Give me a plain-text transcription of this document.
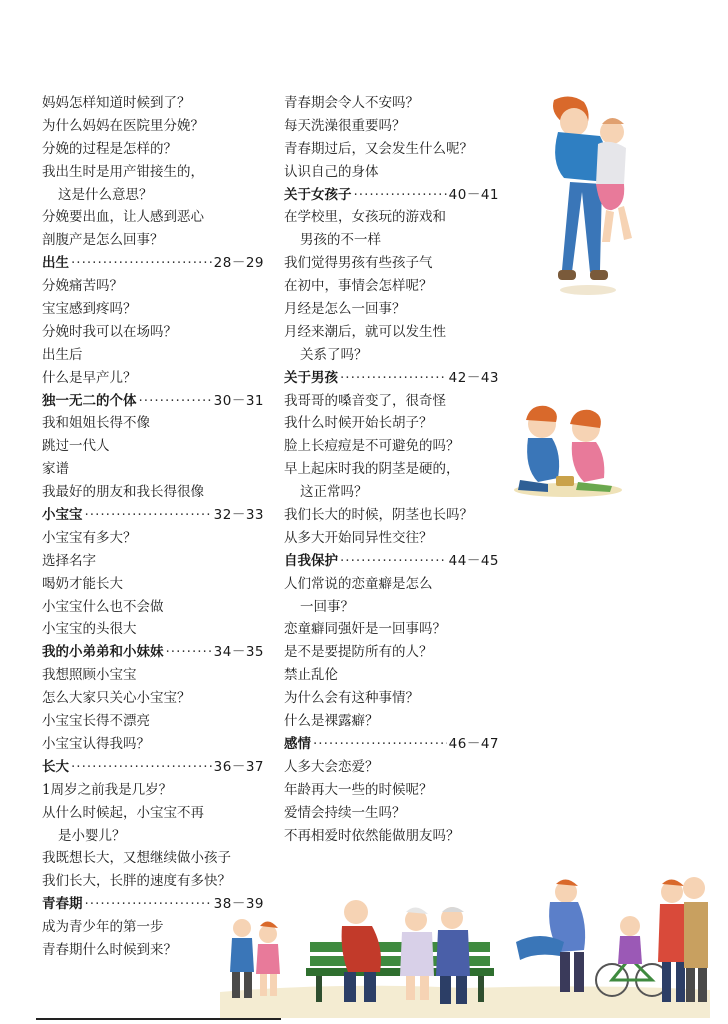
妈妈怎样知道时候到了？
为什么妈妈在医院里分娩？
分娩的过程是怎样的？
我出生时是用产钳接生的，
这是什么意思？
分娩要出血，让人感到恶心
剖腹产是怎么回事？
出生 ·····	28－29
分娩痛苦吗？
宝宝感到疼吗？
分娩时我可以在场吗？
出生后
什么是早产儿？
独一无二的个体 ·····	30－31
我和姐姐长得不像
跳过一代人
家谱
我最好的朋友和我长得很像
小宝宝 ·····	32－33
小宝宝有多大？
选择名字
喝奶才能长大
小宝宝什么也不会做
小宝宝的头很大
我的小弟弟和小妹妹 ·····	34－35
我想照顾小宝宝
怎么大家只关心小宝宝？
小宝宝长得不漂亮
小宝宝认得我吗？
长大 ·····	36－37
1周岁之前我是几岁？
从什么时候起，小宝宝不再
是小婴儿？
我既想长大，又想继续做小孩子
我们长大，长胖的速度有多快？
青春期 ·····	38－39
成为青少年的第一步
青春期什么时候到来？
青春期会令人不安吗？
每天洗澡很重要吗？
青春期过后，又会发生什么呢？
认识自己的身体
关于女孩子 ·····	40－41
在学校里，女孩玩的游戏和
男孩的不一样
我们觉得男孩有些孩子气
在初中，事情会怎样呢？
月经是怎么一回事？
月经来潮后，就可以发生性
关系了吗？
关于男孩 ·····	42－43
我哥哥的嗓音变了，很奇怪
我什么时候开始长胡子？
脸上长痘痘是不可避免的吗？
早上起床时我的阴茎是硬的，
这正常吗？
我们长大的时候，阴茎也长吗？
从多大开始同异性交往？
自我保护 ·····	44－45
人们常说的恋童癖是怎么
一回事？
恋童癖同强奸是一回事吗？
是不是要提防所有的人？
禁止乱伦
为什么会有这种事情？
什么是裸露癖？
感情 ·····	46－47
人多大会恋爱？
年龄再大一些的时候呢？
爱情会持续一生吗？
不再相爱时依然能做朋友吗？
